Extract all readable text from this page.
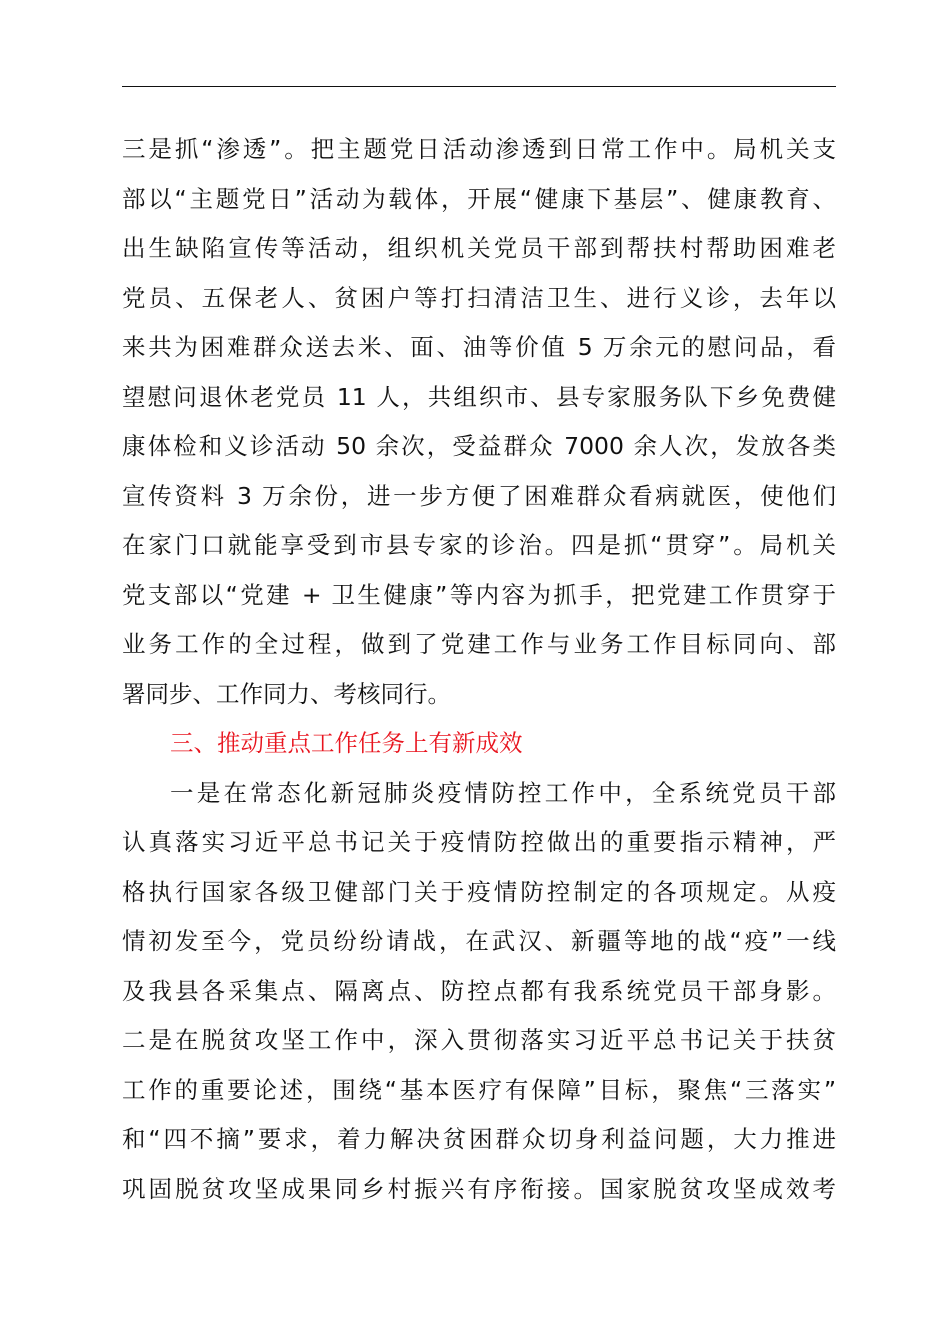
三是抓“渗透”。把主题党日活动渗透到日常工作中。局机关支
部以“主题党日”活动为载体，开展“健康下基层”、健康教育、
出生缺陷宣传等活动，组织机关党员干部到帮扶村帮助困难老
党员、五保老人、贫困户等打扫清洁卫生、进行义诊，去年以
来共为困难群众送去米、面、油等价值 5 万余元的慰问品，看
望慰问退休老党员 11 人，共组织市、县专家服务队下乡免费健
康体检和义诊活动 50 余次，受益群众 7000 余人次，发放各类
宣传资料 3 万余份，进一步方便了困难群众看病就医，使他们
在家门口就能享受到市县专家的诊治。四是抓“贯穿”。局机关
党支部以“党建 + 卫生健康”等内容为抓手，把党建工作贯穿于
业务工作的全过程，做到了党建工作与业务工作目标同向、部
署同步、工作同力、考核同行。
三、推动重点工作任务上有新成效
一是在常态化新冠肺炎疫情防控工作中，全系统党员干部
认真落实习近平总书记关于疫情防控做出的重要指示精神，严
格执行国家各级卫健部门关于疫情防控制定的各项规定。从疫
情初发至今，党员纷纷请战，在武汉、新疆等地的战“疫”一线
及我县各采集点、隔离点、防控点都有我系统党员干部身影。
二是在脱贫攻坚工作中，深入贯彻落实习近平总书记关于扶贫
工作的重要论述，围绕“基本医疗有保障”目标，聚焦“三落实”
和“四不摘”要求，着力解决贫困群众切身利益问题，大力推进
巩固脱贫攻坚成果同乡村振兴有序衔接。国家脱贫攻坚成效考
